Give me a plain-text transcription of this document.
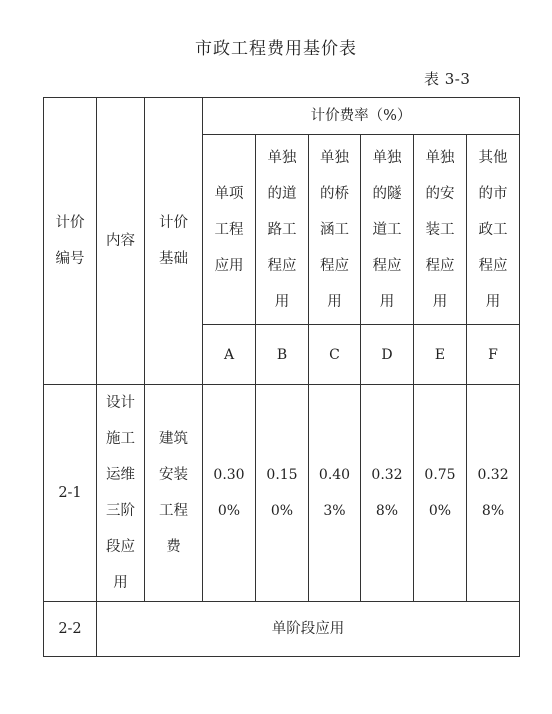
市政工程费用基价表
表 3-3
计价编号	内容	计价基础	计价费率（%）					

			单项工程应用	单独的道路工程应用	单独的桥涵工程应用	单独的隧道工程应用	单独的安装工程应用	其他的市政工程应用

			A	B	C	D	E	F
2-1	设计施工运维三阶段应用	建筑安装工程费	0.300%	0.150%	0.403%	0.328%	0.750%	0.328%

2-2	单阶段应用							
